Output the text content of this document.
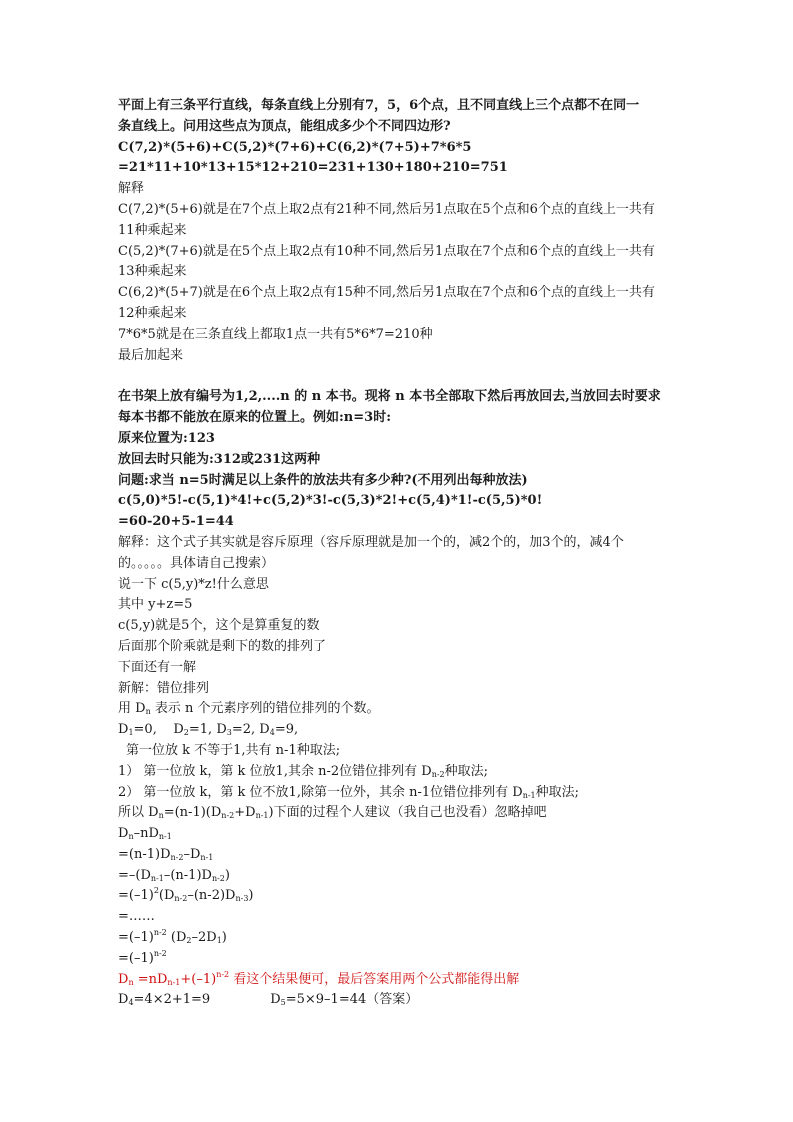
平面上有三条平行直线，每条直线上分别有7，5，6个点，且不同直线上三个点都不在同一

条直线上。问用这些点为顶点，能组成多少个不同四边形?

C(7,2)*(5+6)+C(5,2)*(7+6)+C(6,2)*(7+5)+7*6*5

=21*11+10*13+15*12+210=231+130+180+210=751

解释

C(7,2)*(5+6)就是在7个点上取2点有21种不同,然后另1点取在5个点和6个点的直线上一共有

11种乘起来

C(5,2)*(7+6)就是在5个点上取2点有10种不同,然后另1点取在7个点和6个点的直线上一共有

13种乘起来

C(6,2)*(5+7)就是在6个点上取2点有15种不同,然后另1点取在7个点和6个点的直线上一共有

12种乘起来

7*6*5就是在三条直线上都取1点一共有5*6*7=210种

最后加起来

在书架上放有编号为1,2,....n 的 n 本书。现将 n 本书全部取下然后再放回去,当放回去时要求

每本书都不能放在原来的位置上。例如:n=3时:

原来位置为:123

放回去时只能为:312或231这两种

问题:求当 n=5时满足以上条件的放法共有多少种?(不用列出每种放法)

c(5,0)*5!-c(5,1)*4!+c(5,2)*3!-c(5,3)*2!+c(5,4)*1!-c(5,5)*0!

=60-20+5-1=44

解释：这个式子其实就是容斥原理（容斥原理就是加一个的，减2个的，加3个的，减4个

的。。。。。具体请自己搜索）

说一下 c(5,y)*z!什么意思

其中 y+z=5

c(5,y)就是5个，这个是算重复的数

后面那个阶乘就是剩下的数的排列了

下面还有一解

新解：错位排列

用 $D_n$ 表示 n 个元素序列的错位排列的个数。

$D_1=0$, $D_2=1$, $D_3=2$, $D_4=9$,

第一位放 k 不等于1,共有 n-1种取法;

1） 第一位放 k，第 k 位放1,其余 n-2位错位排列有 $D_{n-2}$种取法;

2） 第一位放 k，第 k 位不放1,除第一位外，其余 n-1位错位排列有 $D_{n-1}$种取法;

所以 $D_n=(n-1)(D_{n-2}+D_{n-1})$下面的过程个人建议（我自己也没看）忽略掉吧

$D_n-nD_{n-1}$

$=(n-1)D_{n-2}-D_{n-1}$

$=-(D_{n-1}-(n-1)D_{n-2})$

$=(-1)^2(D_{n-2}-(n-2)D_{n-3})$

=……

$=(-1)^{n-2}$ $(D_2-2D_1)$

$=(-1)^{n-2}$

$D_n =nD_{n-1}+(-1)^{n-2}$ 看这个结果便可，最后答案用两个公式都能得出解

$D_4=4\times 2+1=9$	$D_5=5\times 9-1=44$（答案）
